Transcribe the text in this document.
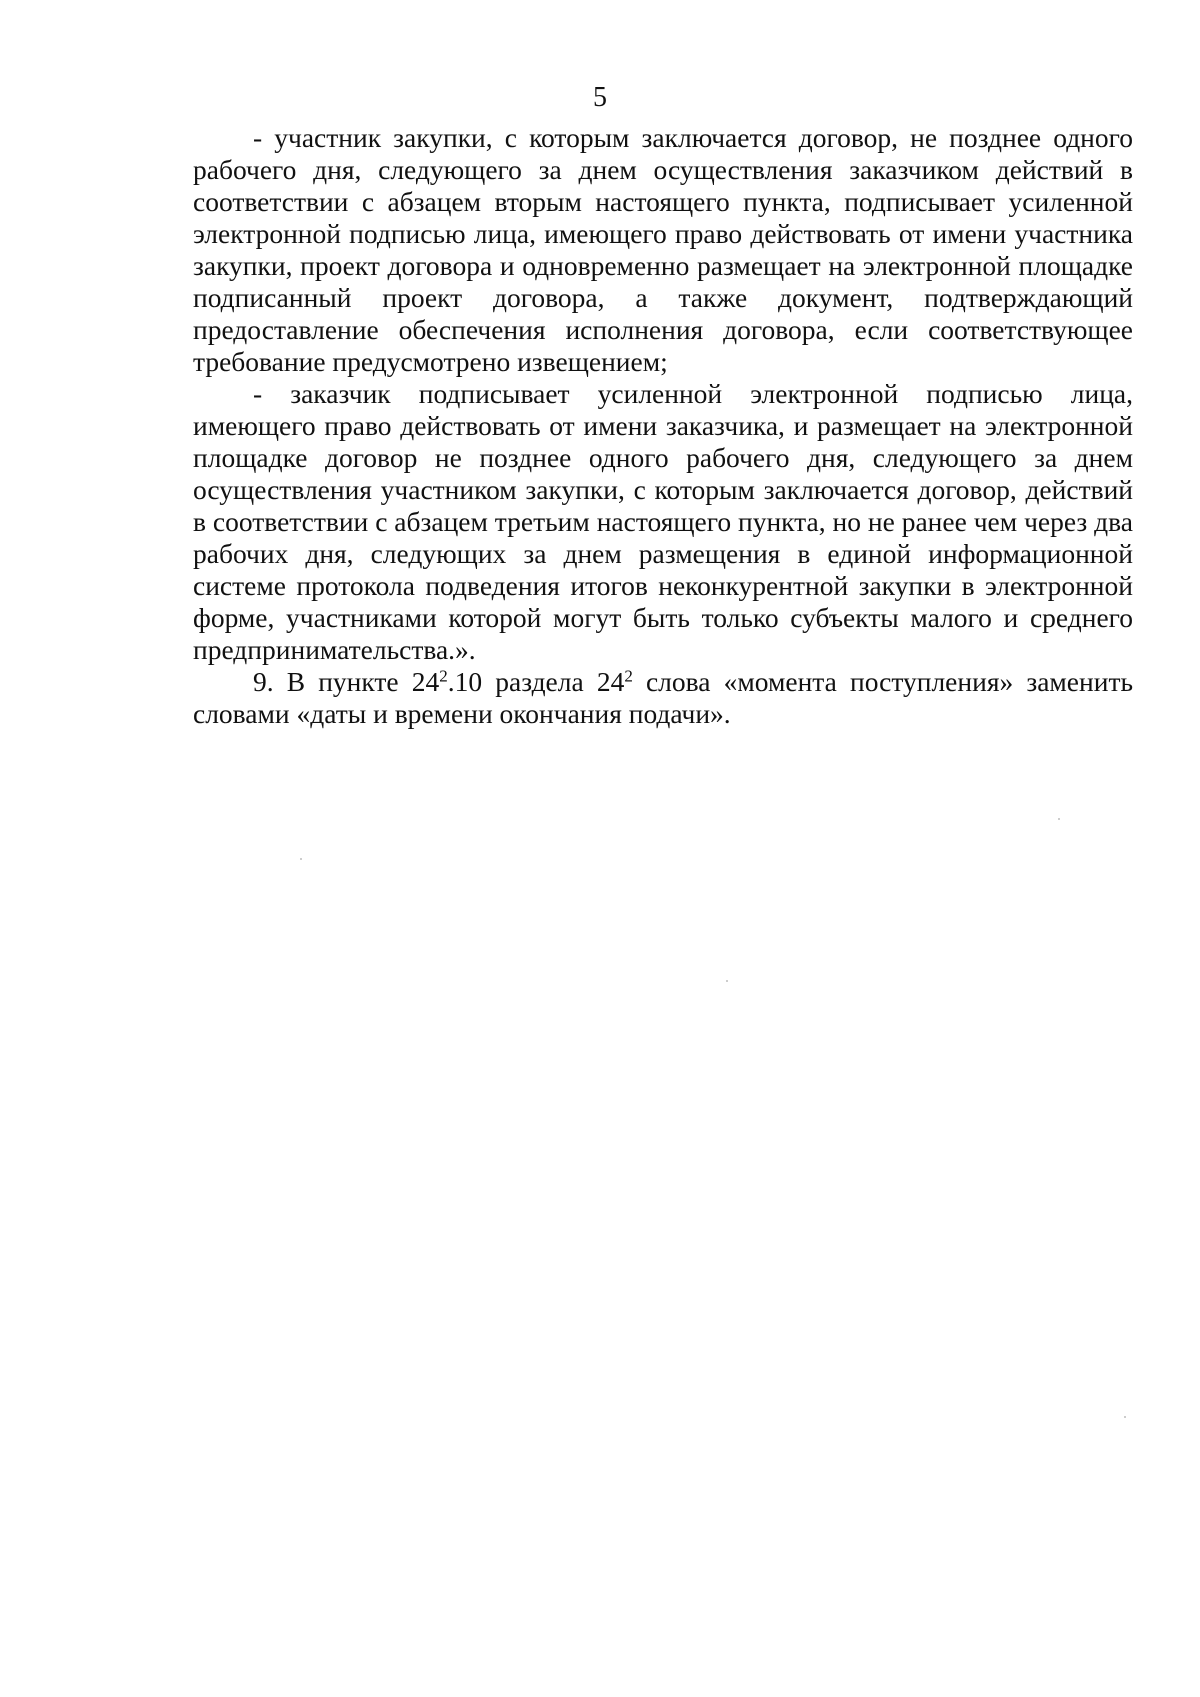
5

- участник закупки, с которым заключается договор, не позднее одного рабочего дня, следующего за днем осуществления заказчиком действий в соответствии с абзацем вторым настоящего пункта, подписывает усиленной электронной подписью лица, имеющего право действовать от имени участника закупки, проект договора и одновременно размещает на электронной площадке подписанный проект договора, а также документ, подтверждающий предоставление обеспечения исполнения договора, если соответствующее требование предусмотрено извещением;

- заказчик подписывает усиленной электронной подписью лица, имеющего право действовать от имени заказчика, и размещает на электронной площадке договор не позднее одного рабочего дня, следующего за днем осуществления участником закупки, с которым заключается договор, действий в соответствии с абзацем третьим настоящего пункта, но не ранее чем через два рабочих дня, следующих за днем размещения в единой информационной системе протокола подведения итогов неконкурентной закупки в электронной форме, участниками которой могут быть только субъекты малого и среднего предпринимательства.».

9. В пункте $24^2.10$ раздела $24^2$ слова «момента поступления» заменить словами «даты и времени окончания подачи».
